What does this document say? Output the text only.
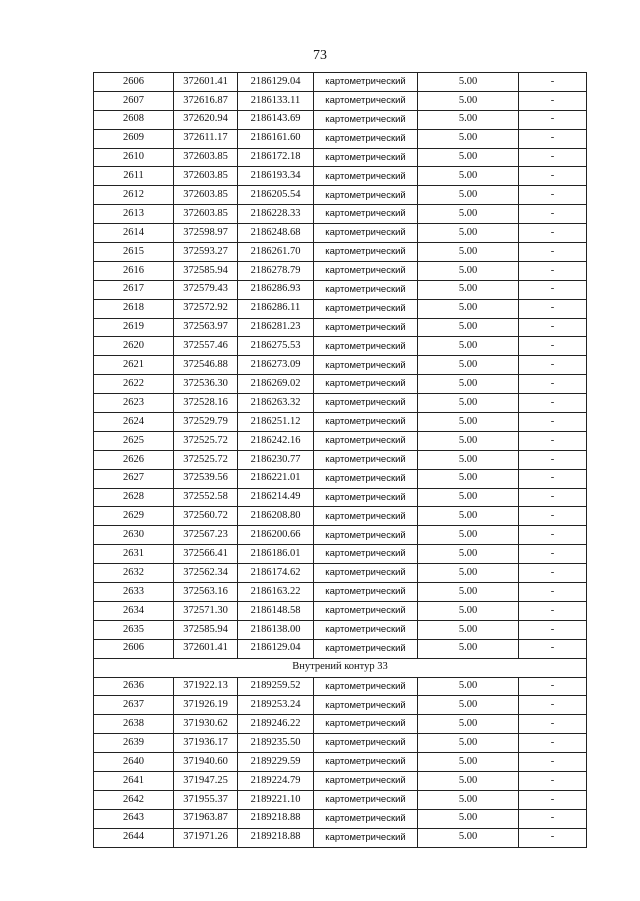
73
2606	372601.41	2186129.04	картометрический	5.00	-
2607	372616.87	2186133.11	картометрический	5.00	-
2608	372620.94	2186143.69	картометрический	5.00	-
2609	372611.17	2186161.60	картометрический	5.00	-
2610	372603.85	2186172.18	картометрический	5.00	-
2611	372603.85	2186193.34	картометрический	5.00	-
2612	372603.85	2186205.54	картометрический	5.00	-
2613	372603.85	2186228.33	картометрический	5.00	-
2614	372598.97	2186248.68	картометрический	5.00	-
2615	372593.27	2186261.70	картометрический	5.00	-
2616	372585.94	2186278.79	картометрический	5.00	-
2617	372579.43	2186286.93	картометрический	5.00	-
2618	372572.92	2186286.11	картометрический	5.00	-
2619	372563.97	2186281.23	картометрический	5.00	-
2620	372557.46	2186275.53	картометрический	5.00	-
2621	372546.88	2186273.09	картометрический	5.00	-
2622	372536.30	2186269.02	картометрический	5.00	-
2623	372528.16	2186263.32	картометрический	5.00	-
2624	372529.79	2186251.12	картометрический	5.00	-
2625	372525.72	2186242.16	картометрический	5.00	-
2626	372525.72	2186230.77	картометрический	5.00	-
2627	372539.56	2186221.01	картометрический	5.00	-
2628	372552.58	2186214.49	картометрический	5.00	-
2629	372560.72	2186208.80	картометрический	5.00	-
2630	372567.23	2186200.66	картометрический	5.00	-
2631	372566.41	2186186.01	картометрический	5.00	-
2632	372562.34	2186174.62	картометрический	5.00	-
2633	372563.16	2186163.22	картометрический	5.00	-
2634	372571.30	2186148.58	картометрический	5.00	-
2635	372585.94	2186138.00	картометрический	5.00	-
2606	372601.41	2186129.04	картометрический	5.00	-
Внутрений контур 33					
2636	371922.13	2189259.52	картометрический	5.00	-
2637	371926.19	2189253.24	картометрический	5.00	-
2638	371930.62	2189246.22	картометрический	5.00	-
2639	371936.17	2189235.50	картометрический	5.00	-
2640	371940.60	2189229.59	картометрический	5.00	-
2641	371947.25	2189224.79	картометрический	5.00	-
2642	371955.37	2189221.10	картометрический	5.00	-
2643	371963.87	2189218.88	картометрический	5.00	-
2644	371971.26	2189218.88	картометрический	5.00	-
